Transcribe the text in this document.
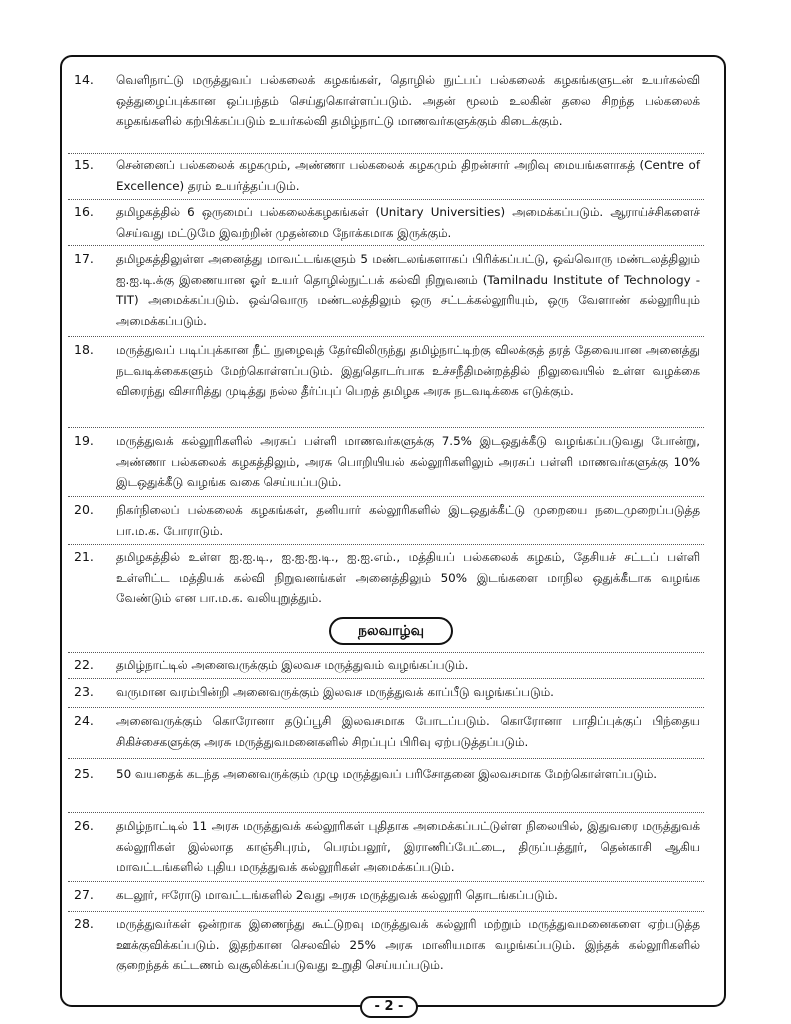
14.	வெளிநாட்டு மருத்துவப் பல்கலைக் கழகங்கள், தொழில் நுட்பப் பல்கலைக் கழகங்களுடன் உயர்கல்வி ஒத்துழைப்புக்கான ஒப்பந்தம் செய்துகொள்ளப்படும். அதன் மூலம் உலகின் தலை சிறந்த பல்கலைக் கழகங்களில் கற்பிக்கப்படும் உயர்கல்வி தமிழ்நாட்டு மாணவர்களுக்கும் கிடைக்கும்.
15.	சென்னைப் பல்கலைக் கழகமும், அண்ணா பல்கலைக் கழகமும் திறன்சார் அறிவு மையங்களாகத் (Centre of Excellence) தரம் உயர்த்தப்படும்.
16.	தமிழகத்தில் 6 ஒருமைப் பல்கலைக்கழகங்கள் (Unitary Universities) அமைக்கப்படும். ஆராய்ச்சிகளைச் செய்வது மட்டுமே இவற்றின் முதன்மை நோக்கமாக இருக்கும்.
17.	தமிழகத்திலுள்ள அனைத்து மாவட்டங்களும் 5 மண்டலங்களாகப் பிரிக்கப்பட்டு, ஒவ்வொரு மண்டலத்திலும் ஐ.ஐ.டி.க்கு இணையான ஓர் உயர் தொழில்நுட்பக் கல்வி நிறுவனம் (Tamilnadu Institute of Technology - TIT) அமைக்கப்படும். ஒவ்வொரு மண்டலத்திலும் ஒரு சட்டக்கல்லூரியும், ஒரு வேளாண் கல்லூரியும் அமைக்கப்படும்.
18.	மருத்துவப் படிப்புக்கான நீட் நுழைவுத் தேர்விலிருந்து தமிழ்நாட்டிற்கு விலக்குத் தரத் தேவையான அனைத்து நடவடிக்கைகளும் மேற்கொள்ளப்படும். இதுதொடர்பாக உச்சநீதிமன்றத்தில் நிலுவையில் உள்ள வழக்கை விரைந்து விசாரித்து முடித்து நல்ல தீர்ப்புப் பெறத் தமிழக அரசு நடவடிக்கை எடுக்கும்.
19.	மருத்துவக் கல்லூரிகளில் அரசுப் பள்ளி மாணவர்களுக்கு 7.5% இடஒதுக்கீடு வழங்கப்படுவது போன்று, அண்ணா பல்கலைக் கழகத்திலும், அரசு பொறியியல் கல்லூரிகளிலும் அரசுப் பள்ளி மாணவர்களுக்கு 10% இடஒதுக்கீடு வழங்க வகை செய்யப்படும்.
20.	நிகர்நிலைப் பல்கலைக் கழகங்கள், தனியார் கல்லூரிகளில் இடஒதுக்கீட்டு முறையை நடைமுறைப்படுத்த பா.ம.க. போராடும்.
21.	தமிழகத்தில் உள்ள ஐ.ஐ.டி., ஐ.ஐ.ஐ.டி., ஐ.ஐ.எம்., மத்தியப் பல்கலைக் கழகம், தேசியச் சட்டப் பள்ளி உள்ளிட்ட மத்தியக் கல்வி நிறுவனங்கள் அனைத்திலும் 50% இடங்களை மாநில ஒதுக்கீடாக வழங்க வேண்டும் என பா.ம.க. வலியுறுத்தும்.
நலவாழ்வு
22.	தமிழ்நாட்டில் அனைவருக்கும் இலவச மருத்துவம் வழங்கப்படும்.
23.	வருமான வரம்பின்றி அனைவருக்கும் இலவச மருத்துவக் காப்பீடு வழங்கப்படும்.
24.	அனைவருக்கும் கொரோனா தடுப்பூசி இலவசமாக போடப்படும். கொரோனா பாதிப்புக்குப் பிந்தைய சிகிச்சைகளுக்கு அரசு மருத்துவமனைகளில் சிறப்புப் பிரிவு ஏற்படுத்தப்படும்.
25.	50 வயதைக் கடந்த அனைவருக்கும் முழு மருத்துவப் பரிசோதனை இலவசமாக மேற்கொள்ளப்படும்.
26.	தமிழ்நாட்டில் 11 அரசு மருத்துவக் கல்லூரிகள் புதிதாக அமைக்கப்பட்டுள்ள நிலையில், இதுவரை மருத்துவக் கல்லூரிகள் இல்லாத காஞ்சிபுரம், பெரம்பலூர், இராணிப்பேட்டை, திருப்பத்தூர், தென்காசி ஆகிய மாவட்டங்களில் புதிய மருத்துவக் கல்லூரிகள் அமைக்கப்படும்.
27.	கடலூர், ஈரோடு மாவட்டங்களில் 2வது அரசு மருத்துவக் கல்லூரி தொடங்கப்படும்.
28.	மருத்துவர்கள் ஒன்றாக இணைந்து கூட்டுறவு மருத்துவக் கல்லூரி மற்றும் மருத்துவமனைகளை ஏற்படுத்த ஊக்குவிக்கப்படும். இதற்கான செலவில் 25% அரசு மானியமாக வழங்கப்படும். இந்தக் கல்லூரிகளில் குறைந்தக் கட்டணம் வசூலிக்கப்படுவது உறுதி செய்யப்படும்.
- 2 -
